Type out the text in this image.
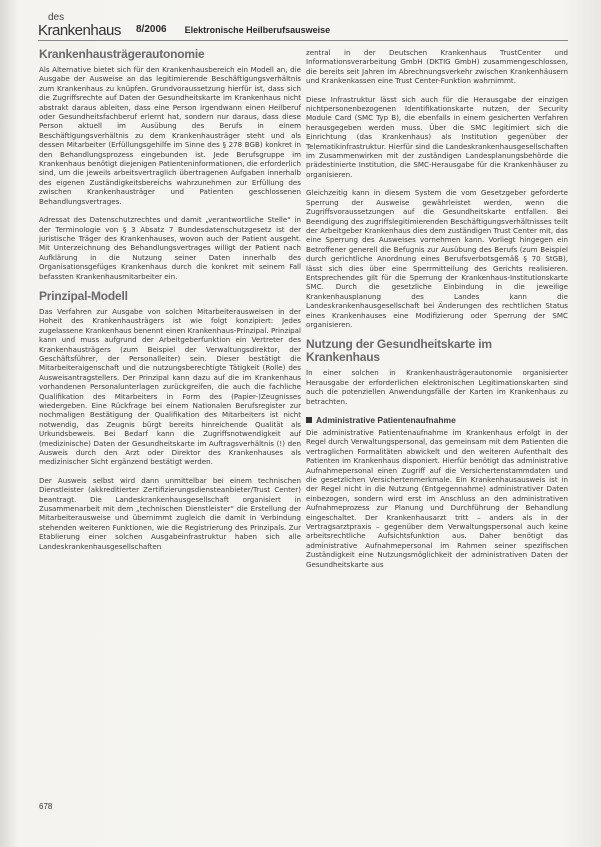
des
Krankenhaus 8/2006 Elektronische Heilberufsausweise
Krankenhausträgerautonomie

Als Alternative bietet sich für den Krankenhausbereich ein Modell an, die Ausgabe der Ausweise an das legitimierende Beschäftigungsverhältnis zum Krankenhaus zu knüpfen. Grundvoraussetzung hierfür ist, dass sich die Zugriffsrechte auf Daten der Gesundheitskarte im Krankenhaus nicht abstrakt daraus ableiten, dass eine Person irgendwann einen Heilberuf oder Gesundheitsfachberuf erlernt hat, sondern nur daraus, dass diese Person aktuell im Ausübung des Berufs in einem Beschäftigungsverhältnis zu dem Krankenhausträger steht und als dessen Mitarbeiter (Erfüllungsgehilfe im Sinne des § 278 BGB) konkret in den Behandlungsprozess eingebunden ist. Jede Berufsgruppe im Krankenhaus benötigt diejenigen Patienteninformationen, die erforderlich sind, um die jeweils arbeitsvertraglich übertragenen Aufgaben innerhalb des eigenen Zuständigkeitsbereichs wahrzunehmen zur Erfüllung des zwischen Krankenhausträger und Patienten geschlossenen Behandlungsvertrages.

Adressat des Datenschutzrechtes und damit „verantwortliche Stelle“ in der Terminologie von § 3 Absatz 7 Bundesdatenschutzgesetz ist der juristische Träger des Krankenhauses, wovon auch der Patient ausgeht. Mit Unterzeichnung des Behandlungsvertrages willigt der Patient nach Aufklärung in die Nutzung seiner Daten innerhalb des Organisationsgefüges Krankenhaus durch die konkret mit seinem Fall befassten Krankenhausmitarbeiter ein.

Prinzipal-Modell

Das Verfahren zur Ausgabe von solchen Mitarbeiterausweisen in der Hoheit des Krankenhausträgers ist wie folgt konzipiert: Jedes zugelassene Krankenhaus benennt einen Krankenhaus-Prinzipal. Prinzipal kann und muss aufgrund der Arbeitgeberfunktion ein Vertreter des Krankenhausträgers (zum Beispiel der Verwaltungsdirektor, der Geschäftsführer, der Personalleiter) sein. Dieser bestätigt die Mitarbeiteraigenschaft und die nutzungsberechtigte Tätigkeit (Rolle) des Ausweisantragstellers. Der Prinzipal kann dazu auf die im Krankenhaus vorhandenen Personalunterlagen zurückgreifen, die auch die fachliche Qualifikation des Mitarbeiters in Form des (Papier-)Zeugnisses wiedergeben. Eine Rückfrage bei einem Nationalen Berufsregister zur nochmaligen Bestätigung der Qualifikation des Mitarbeiters ist nicht notwendig, das Zeugnis bürgt bereits hinreichende Qualität als Urkundsbeweis. Bei Bedarf kann die Zugriffsnotwendigkeit auf (medizinische) Daten der Gesundheitskarte im Auftragsverhältnis (!) den Ausweis durch den Arzt oder Direktor des Krankenhauses als medizinischer Sicht ergänzend bestätigt werden.

Der Ausweis selbst wird dann unmittelbar bei einem technischen Dienstleister (akkreditierter Zertifizierungsdiensteanbieter/Trust Center) beantragt. Die Landeskrankenhausgesellschaft organisiert in Zusammenarbeit mit dem „technischen Dienstleister“ die Erstellung der Mitarbeiterausweise und übernimmt zugleich die damit in Verbindung stehenden weiteren Funktionen, wie die Registrierung des Prinzipals. Zur Etablierung einer solchen Ausgabeinfrastruktur haben sich alle Landeskrankenhausgesellschaften

zentral in der Deutschen Krankenhaus TrustCenter und Informationsverarbeitung GmbH (DKTIG GmbH) zusammengeschlossen, die bereits seit Jahren im Abrechnungsverkehr zwischen Krankenhäusern und Krankenkassen eine Trust Center-Funktion wahrnimmt.

Diese Infrastruktur lässt sich auch für die Herausgabe der einzigen nichtpersonenbezogenen Identifikationskarte nutzen, der Security Module Card (SMC Typ B), die ebenfalls in einem gesicherten Verfahren herausgegeben werden muss. Über die SMC legitimiert sich die Einrichtung (das Krankenhaus) als Institution gegenüber der Telematikinfrastruktur. Hierfür sind die Landeskrankenhausgesellschaften im Zusammenwirken mit der zuständigen Landesplanungsbehörde die prädestinierte Institution, die SMC-Herausgabe für die Krankenhäuser zu organisieren.

Gleichzeitig kann in diesem System die vom Gesetzgeber geforderte Sperrung der Ausweise gewährleistet werden, wenn die Zugriffsvoraussetzungen auf die Gesundheitskarte entfallen. Bei Beendigung des zugriffslegitimierenden Beschäftigungsverhältnisses teilt der Arbeitgeber Krankenhaus dies dem zuständigen Trust Center mit, das eine Sperrung des Ausweises vornehmen kann. Vorliegt hingegen ein Betroffener generell die Befugnis zur Ausübung des Berufs (zum Beispiel durch gerichtliche Anordnung eines Berufsverbotsgemäß § 70 StGB), lässt sich dies über eine Sperrmitteilung des Gerichts realisieren. Entsprechendes gilt für die Sperrung der Krankenhaus-Institutionskarte SMC. Durch die gesetzliche Einbindung in die jeweilige Krankenhausplanung des Landes kann die Landeskrankenhausgesellschaft bei Änderungen des rechtlichen Status eines Krankenhauses eine Modifizierung oder Sperrung der SMC organisieren.

Nutzung der Gesundheitskarte im Krankenhaus

In einer solchen in Krankenhausträgerautonomie organisierter Herausgabe der erforderlichen elektronischen Legitimationskarten sind auch die potenziellen Anwendungsfälle der Karten im Krankenhaus zu betrachten.

Administrative Patientenaufnahme

Die administrative Patientenaufnahme im Krankenhaus erfolgt in der Regel durch Verwaltungspersonal, das gemeinsam mit dem Patienten die vertraglichen Formalitäten abwickelt und den weiteren Aufenthalt des Patienten im Krankenhaus disponiert. Hierfür benötigt das administrative Aufnahmepersonal einen Zugriff auf die Versichertenstammdaten und die gesetzlichen Versichertenmerkmale. Ein Krankenhausausweis ist in der Regel nicht in die Nutzung (Entgegennahme) administrativer Daten einbezogen, sondern wird erst im Anschluss an den administrativen Aufnahmeprozess zur Planung und Durchführung der Behandlung eingeschaltet. Der Krankenhausarzt tritt – anders als in der Vertragsarztpraxis – gegenüber dem Verwaltungspersonal auch keine arbeitsrechtliche Aufsichtsfunktion aus. Daher benötigt das administrative Aufnahmepersonal im Rahmen seiner spezifischen Zuständigkeit eine Nutzungsmöglichkeit der administrativen Daten der Gesundheitskarte aus

678
